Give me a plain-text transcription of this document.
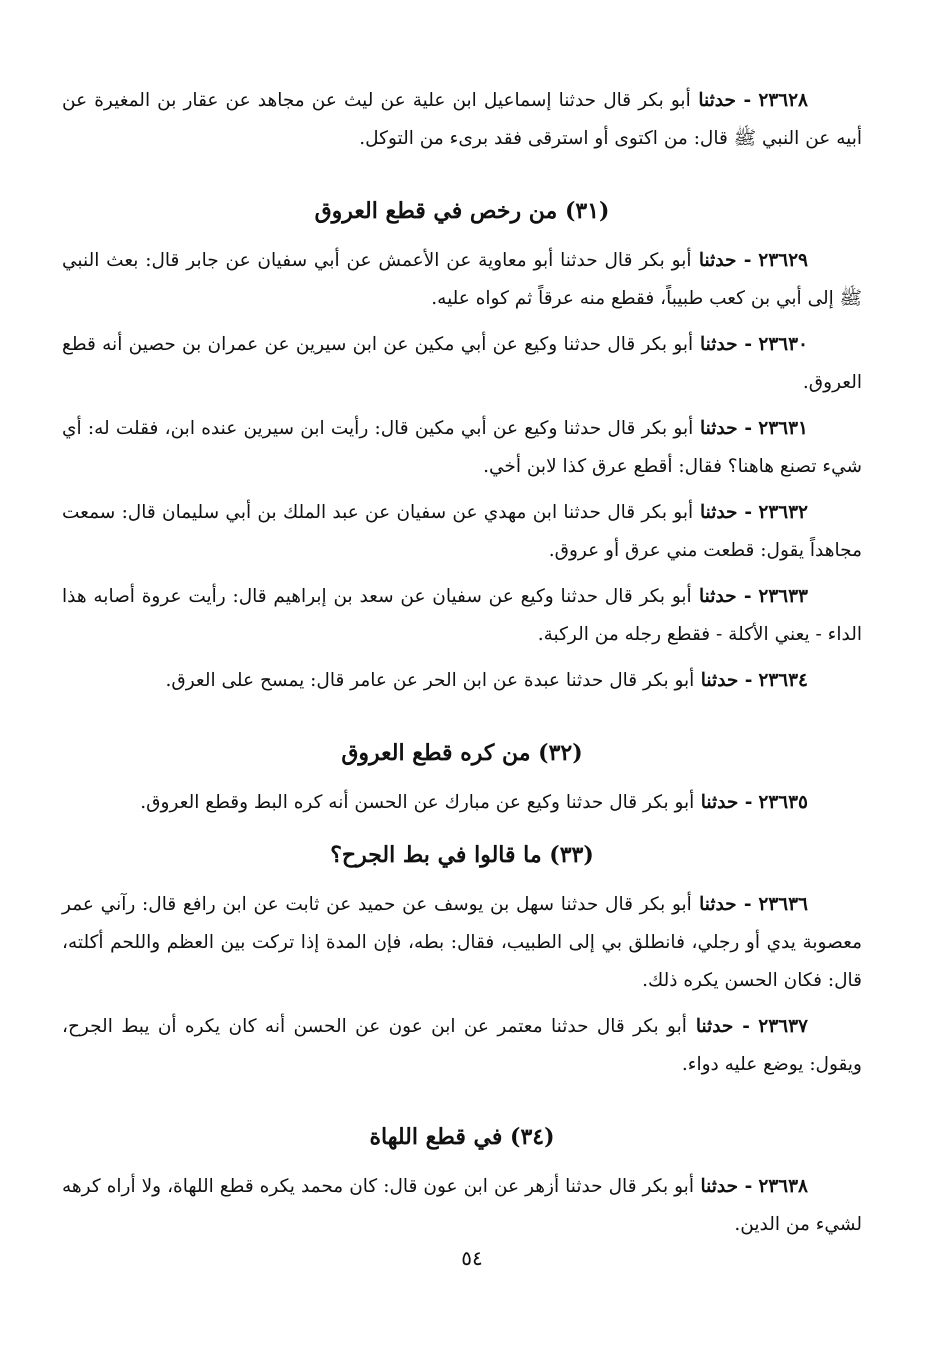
٢٣٦٢٨ - حدثنا أبو بكر قال حدثنا إسماعيل ابن علية عن ليث عن مجاهد عن عقار بن المغيرة عن أبيه عن النبي ﷺ قال: من اكتوى أو استرقى فقد برىء من التوكل.

(٣١) من رخص في قطع العروق

٢٣٦٢٩ - حدثنا أبو بكر قال حدثنا أبو معاوية عن الأعمش عن أبي سفيان عن جابر قال: بعث النبي ﷺ إلى أبي بن كعب طبيباً، فقطع منه عرقاً ثم كواه عليه.

٢٣٦٣٠ - حدثنا أبو بكر قال حدثنا وكيع عن أبي مكين عن ابن سيرين عن عمران بن حصين أنه قطع العروق.

٢٣٦٣١ - حدثنا أبو بكر قال حدثنا وكيع عن أبي مكين قال: رأيت ابن سيرين عنده ابن، فقلت له: أي شيء تصنع هاهنا؟ فقال: أقطع عرق كذا لابن أخي.

٢٣٦٣٢ - حدثنا أبو بكر قال حدثنا ابن مهدي عن سفيان عن عبد الملك بن أبي سليمان قال: سمعت مجاهداً يقول: قطعت مني عرق أو عروق.

٢٣٦٣٣ - حدثنا أبو بكر قال حدثنا وكيع عن سفيان عن سعد بن إبراهيم قال: رأيت عروة أصابه هذا الداء - يعني الأكلة - فقطع رجله من الركبة.

٢٣٦٣٤ - حدثنا أبو بكر قال حدثنا عبدة عن ابن الحر عن عامر قال: يمسح على العرق.

(٣٢) من كره قطع العروق

٢٣٦٣٥ - حدثنا أبو بكر قال حدثنا وكيع عن مبارك عن الحسن أنه كره البط وقطع العروق.

(٣٣) ما قالوا في بط الجرح؟

٢٣٦٣٦ - حدثنا أبو بكر قال حدثنا سهل بن يوسف عن حميد عن ثابت عن ابن رافع قال: رآني عمر معصوبة يدي أو رجلي، فانطلق بي إلى الطبيب، فقال: بطه، فإن المدة إذا تركت بين العظم واللحم أكلته، قال: فكان الحسن يكره ذلك.

٢٣٦٣٧ - حدثنا أبو بكر قال حدثنا معتمر عن ابن عون عن الحسن أنه كان يكره أن يبط الجرح، ويقول: يوضع عليه دواء.

(٣٤) في قطع اللهاة

٢٣٦٣٨ - حدثنا أبو بكر قال حدثنا أزهر عن ابن عون قال: كان محمد يكره قطع اللهاة، ولا أراه كرهه لشيء من الدين.

٥٤
